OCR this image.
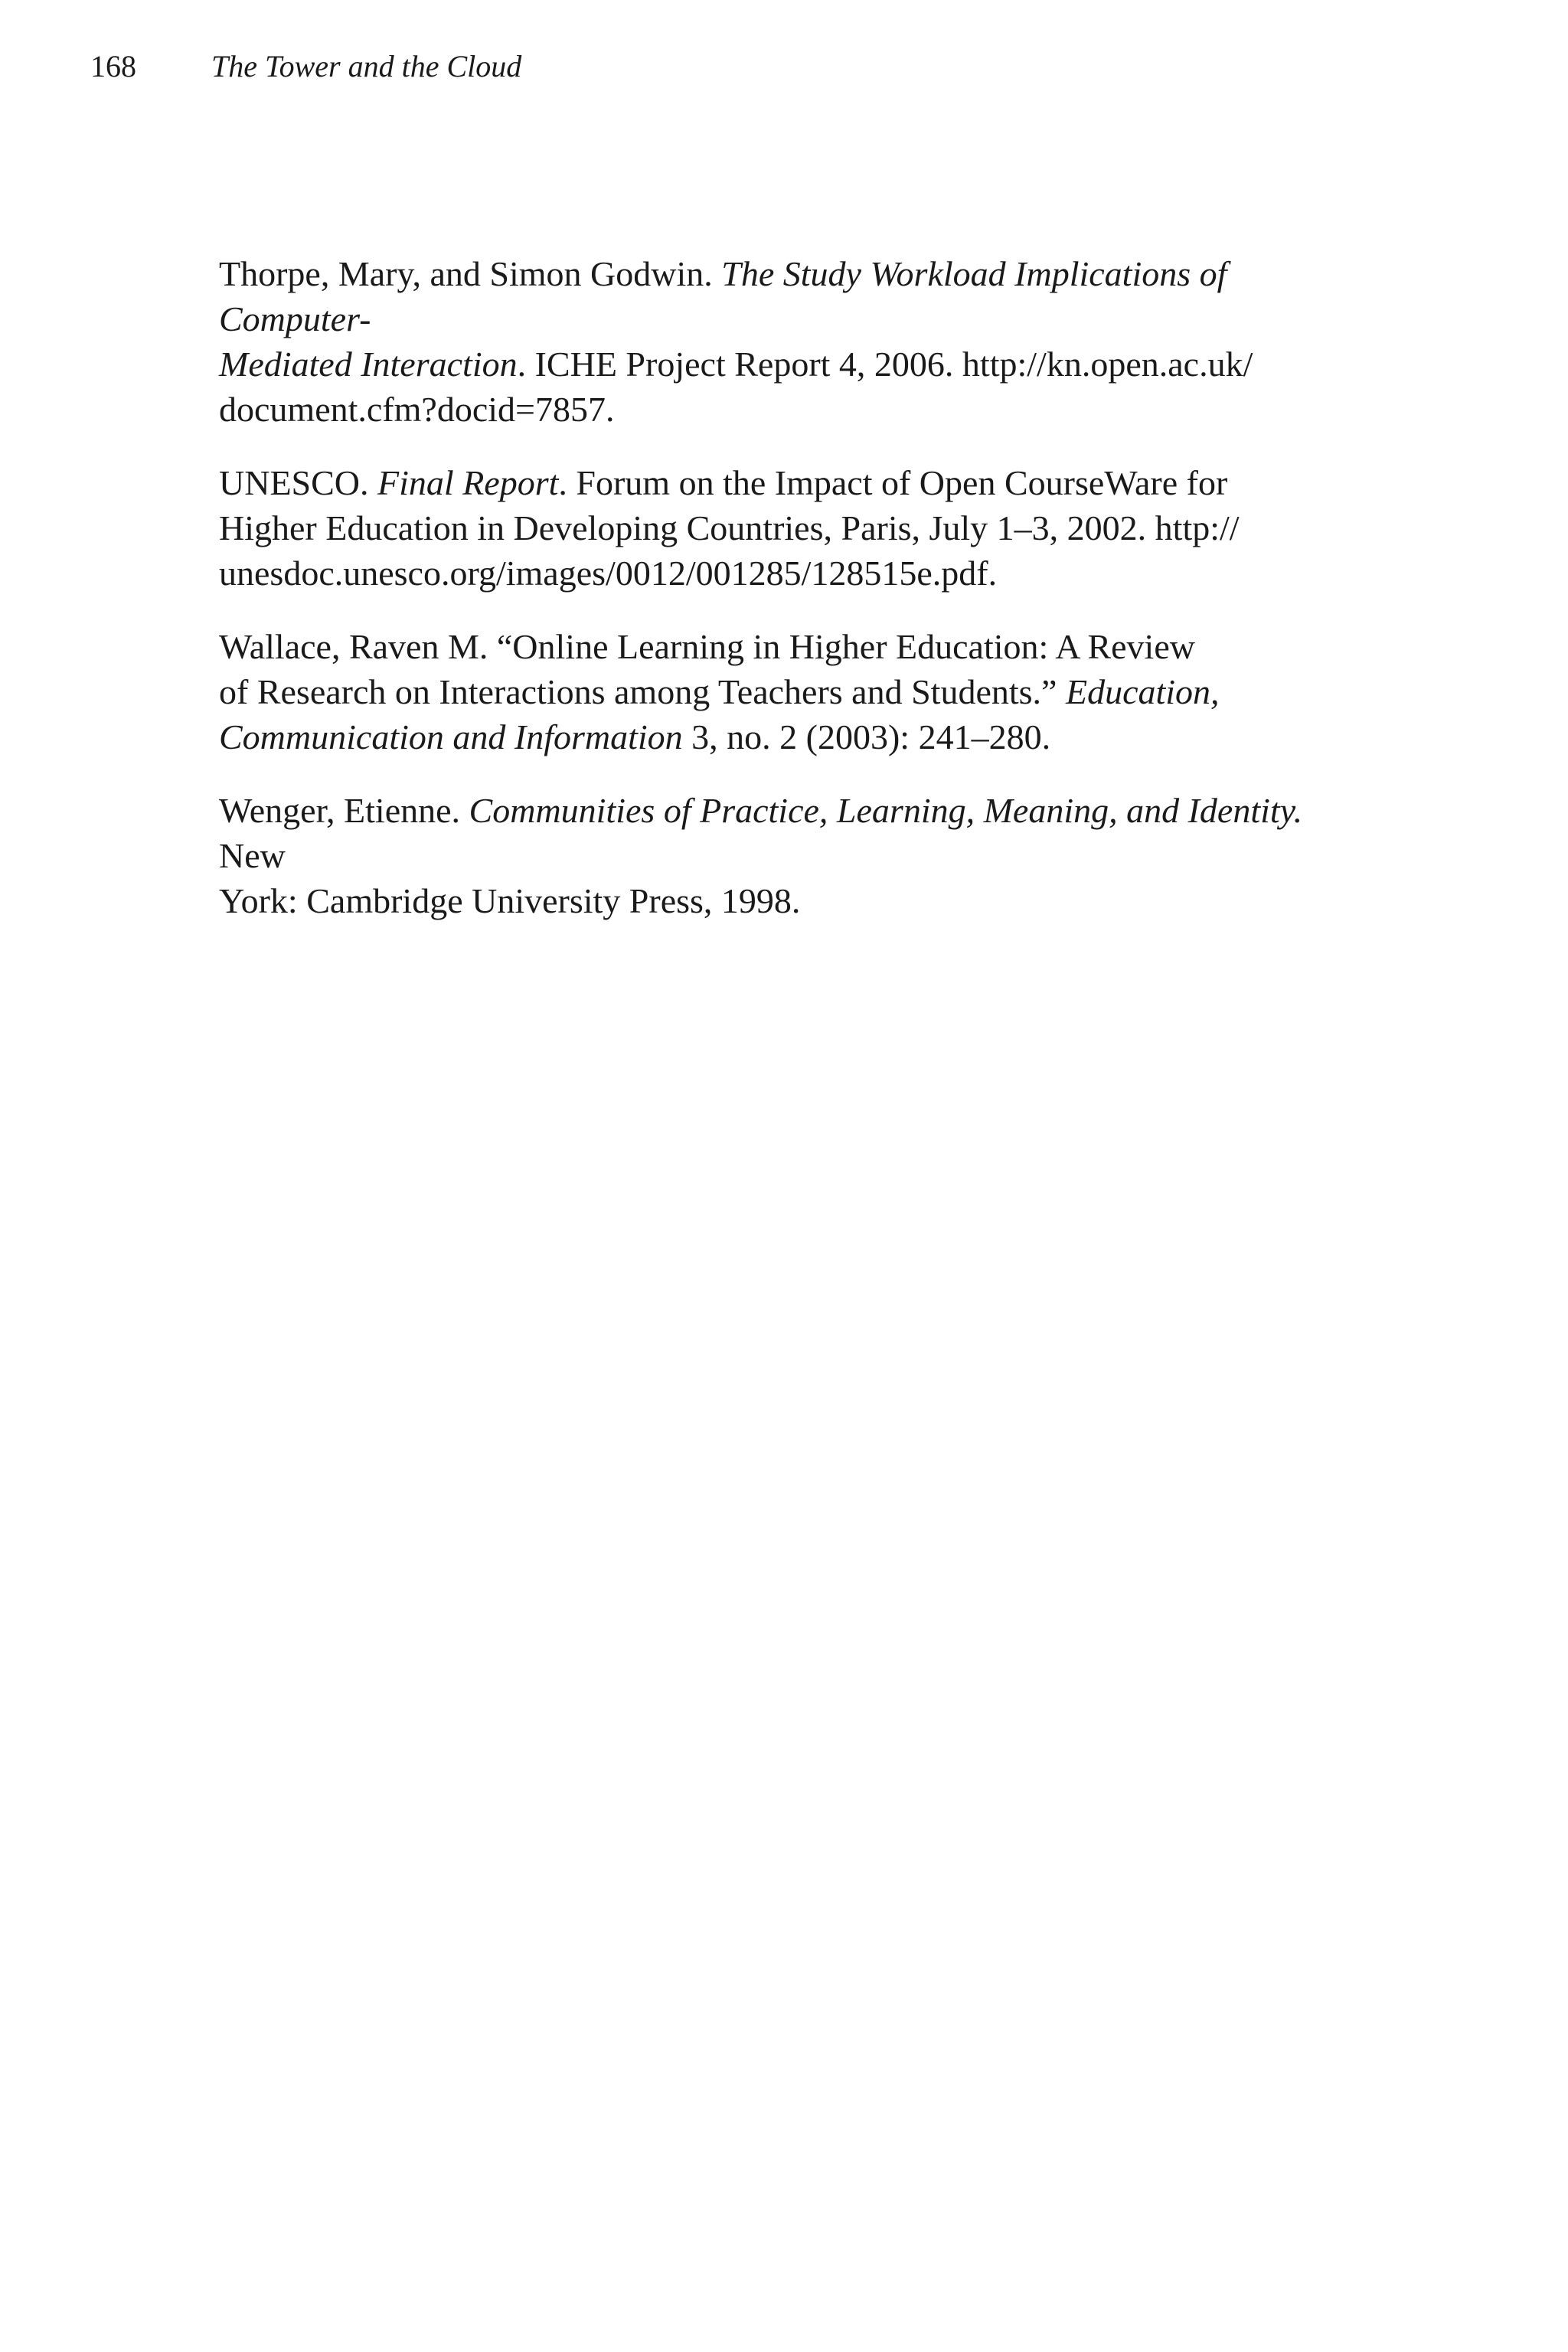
168 The Tower and the Cloud
Thorpe, Mary, and Simon Godwin. The Study Workload Implications of Computer-
Mediated Interaction. ICHE Project Report 4, 2006. http://kn.open.ac.uk/
document.cfm?docid=7857.
UNESCO. Final Report. Forum on the Impact of Open CourseWare for
Higher Education in Developing Countries, Paris, July 1–3, 2002. http://
unesdoc.unesco.org/images/0012/001285/128515e.pdf.
Wallace, Raven M. “Online Learning in Higher Education: A Review
of Research on Interactions among Teachers and Students.” Education,
Communication and Information 3, no. 2 (2003): 241–280.
Wenger, Etienne. Communities of Practice, Learning, Meaning, and Identity. New
York: Cambridge University Press, 1998.
